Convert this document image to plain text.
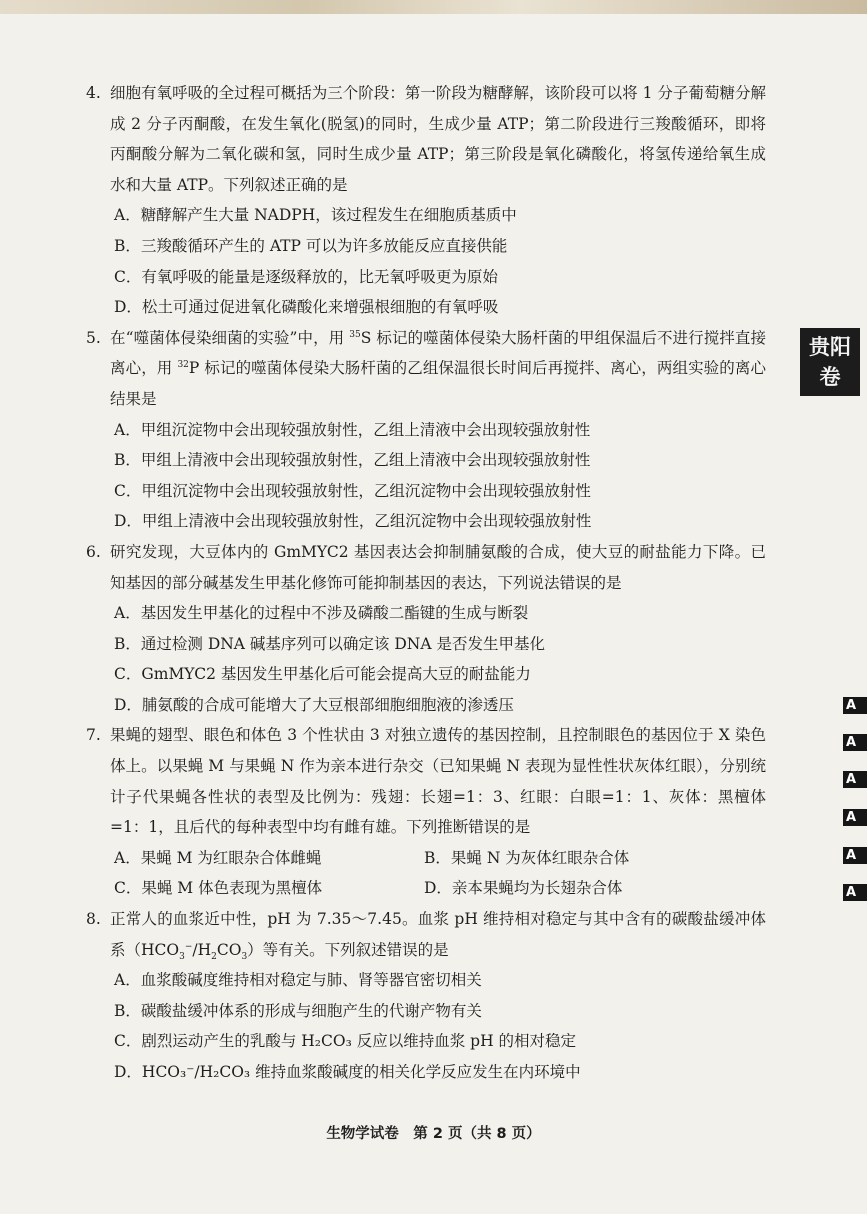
4. 细胞有氧呼吸的全过程可概括为三个阶段：第一阶段为糖酵解，该阶段可以将 1 分子葡萄糖分解成 2 分子丙酮酸，在发生氧化(脱氢)的同时，生成少量 ATP；第二阶段进行三羧酸循环，即将丙酮酸分解为二氧化碳和氢，同时生成少量 ATP；第三阶段是氧化磷酸化，将氢传递给氧生成水和大量 ATP。下列叙述正确的是
A．糖酵解产生大量 NADPH，该过程发生在细胞质基质中
B．三羧酸循环产生的 ATP 可以为许多放能反应直接供能
C．有氧呼吸的能量是逐级释放的，比无氧呼吸更为原始
D．松土可通过促进氧化磷酸化来增强根细胞的有氧呼吸
5. 在“噬菌体侵染细菌的实验”中，用 $^{35}$S 标记的噬菌体侵染大肠杆菌的甲组保温后不进行搅拌直接离心，用 $^{32}$P 标记的噬菌体侵染大肠杆菌的乙组保温很长时间后再搅拌、离心，两组实验的离心结果是
A．甲组沉淀物中会出现较强放射性，乙组上清液中会出现较强放射性
B．甲组上清液中会出现较强放射性，乙组上清液中会出现较强放射性
C．甲组沉淀物中会出现较强放射性，乙组沉淀物中会出现较强放射性
D．甲组上清液中会出现较强放射性，乙组沉淀物中会出现较强放射性
6. 研究发现，大豆体内的 GmMYC2 基因表达会抑制脯氨酸的合成，使大豆的耐盐能力下降。已知基因的部分碱基发生甲基化修饰可能抑制基因的表达，下列说法错误的是
A．基因发生甲基化的过程中不涉及磷酸二酯键的生成与断裂
B．通过检测 DNA 碱基序列可以确定该 DNA 是否发生甲基化
C．GmMYC2 基因发生甲基化后可能会提高大豆的耐盐能力
D．脯氨酸的合成可能增大了大豆根部细胞细胞液的渗透压
7. 果蝇的翅型、眼色和体色 3 个性状由 3 对独立遗传的基因控制，且控制眼色的基因位于 X 染色体上。以果蝇 M 与果蝇 N 作为亲本进行杂交（已知果蝇 N 表现为显性性状灰体红眼），分别统计子代果蝇各性状的表型及比例为：残翅：长翅=1：3、红眼：白眼=1：1、灰体：黑檀体=1：1，且后代的每种表型中均有雌有雄。下列推断错误的是
A．果蝇 M 为红眼杂合体雌蝇	B．果蝇 N 为灰体红眼杂合体
C．果蝇 M 体色表现为黑檀体	D．亲本果蝇均为长翅杂合体
8. 正常人的血浆近中性，pH 为 7.35～7.45。血浆 pH 维持相对稳定与其中含有的碳酸盐缓冲体系$(HCO_3^-/H_2CO_3)$等有关。下列叙述错误的是
A．血浆酸碱度维持相对稳定与肺、肾等器官密切相关
B．碳酸盐缓冲体系的形成与细胞产生的代谢产物有关
C．剧烈运动产生的乳酸与 H₂CO₃ 反应以维持血浆 pH 的相对稳定
D．HCO₃⁻/H₂CO₃ 维持血浆酸碱度的相关化学反应发生在内环境中
贵阳
卷
A
A
A
A
A
A
生物学试卷　第 2 页（共 8 页）
